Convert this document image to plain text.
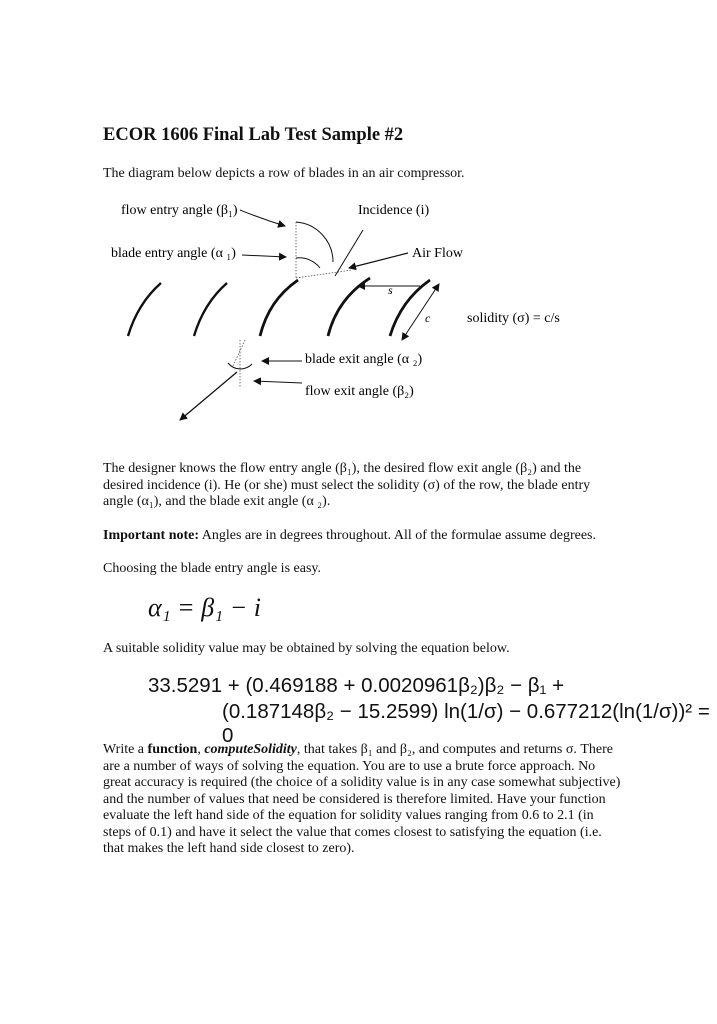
ECOR 1606 Final Lab Test Sample #2
The diagram below depicts a row of blades in an air compressor.
flow entry angle (β₁)	Incidence (i)
blade entry angle (α ₁)	Air Flow
s
c	solidity (σ) = c/s
blade exit angle (α ₂)
flow exit angle (β₂)
The designer knows the flow entry angle (β₁), the desired flow exit angle (β₂) and the desired incidence (i). He (or she) must select the solidity (σ) of the row, the blade entry angle (α₁), and the blade exit angle (α ₂).
Important note: Angles are in degrees throughout. All of the formulae assume degrees.
Choosing the blade entry angle is easy.
α₁ = β₁ − i
A suitable solidity value may be obtained by solving the equation below.
33.5291 + (0.469188 + 0.0020961β₂)β₂ − β₁ +
(0.187148β₂ − 15.2599) ln(1/σ) − 0.677212(ln(1/σ))² = 0
Write a function, computeSolidity, that takes β₁ and β₂, and computes and returns σ. There are a number of ways of solving the equation. You are to use a brute force approach. No great accuracy is required (the choice of a solidity value is in any case somewhat subjective) and the number of values that need be considered is therefore limited. Have your function evaluate the left hand side of the equation for solidity values ranging from 0.6 to 2.1 (in steps of 0.1) and have it select the value that comes closest to satisfying the equation (i.e. that makes the left hand side closest to zero).
